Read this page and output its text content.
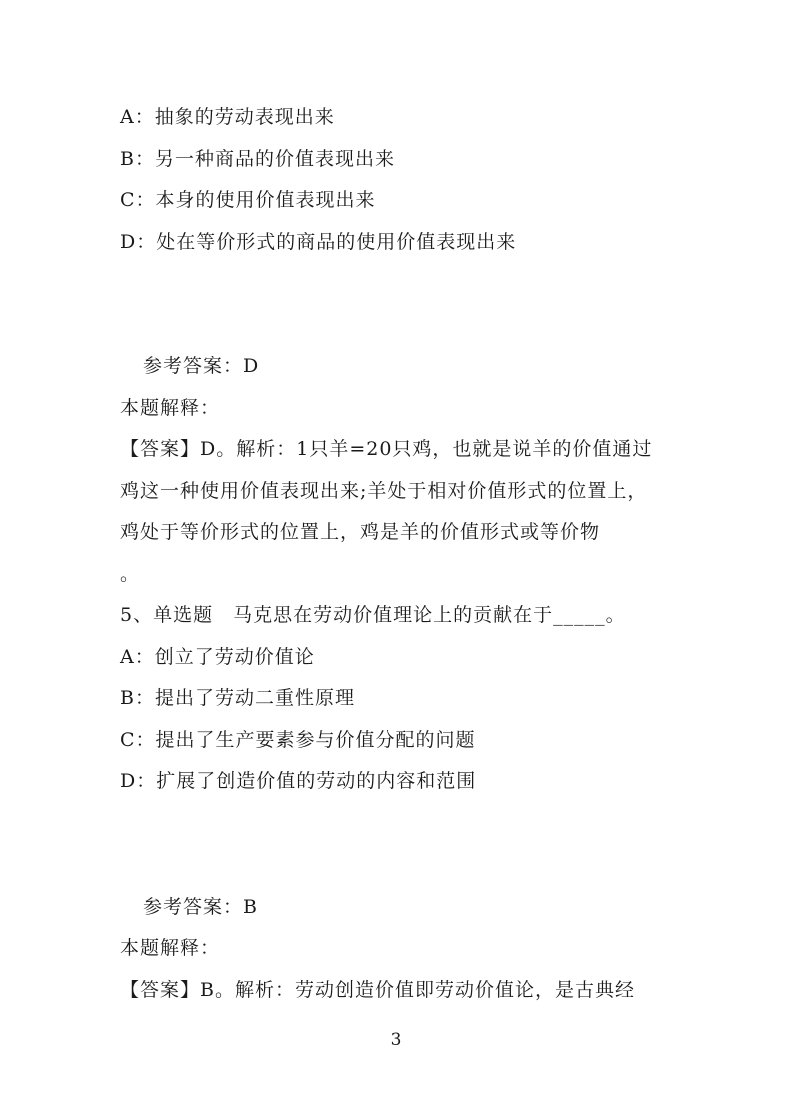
A：抽象的劳动表现出来
B：另一种商品的价值表现出来
C：本身的使用价值表现出来
D：处在等价形式的商品的使用价值表现出来
参考答案：D
本题解释：
【答案】D。解析：1只羊=20只鸡，也就是说羊的价值通过
鸡这一种使用价值表现出来;羊处于相对价值形式的位置上，
鸡处于等价形式的位置上，鸡是羊的价值形式或等价物
。
5、单选题　马克思在劳动价值理论上的贡献在于_____。
A：创立了劳动价值论
B：提出了劳动二重性原理
C：提出了生产要素参与价值分配的问题
D：扩展了创造价值的劳动的内容和范围
参考答案：B
本题解释：
【答案】B。解析：劳动创造价值即劳动价值论，是古典经
3
